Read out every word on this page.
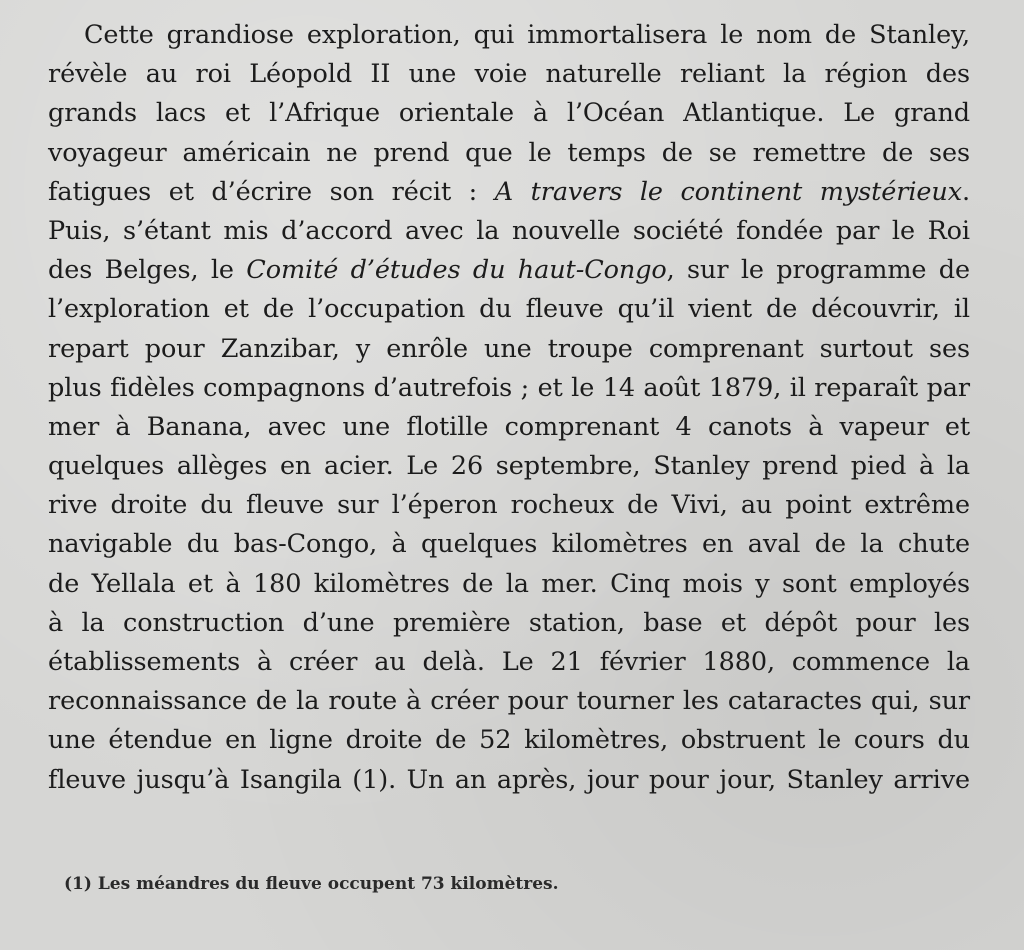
Cette grandiose exploration, qui immortalisera le nom de Stanley,
révèle au roi Léopold II une voie naturelle reliant la région des
grands lacs et l’Afrique orientale à l’Océan Atlantique. Le grand
voyageur américain ne prend que le temps de se remettre de ses
fatigues et d’écrire son récit : A travers le continent mystérieux.
Puis, s’étant mis d’accord avec la nouvelle société fondée par le Roi
des Belges, le Comité d’études du haut-Congo, sur le programme de
l’exploration et de l’occupation du fleuve qu’il vient de découvrir, il
repart pour Zanzibar, y enrôle une troupe comprenant surtout ses
plus fidèles compagnons d’autrefois ; et le 14 août 1879, il reparaît par
mer à Banana, avec une flotille comprenant 4 canots à vapeur et
quelques allèges en acier. Le 26 septembre, Stanley prend pied à la
rive droite du fleuve sur l’éperon rocheux de Vivi, au point extrême
navigable du bas-Congo, à quelques kilomètres en aval de la chute
de Yellala et à 180 kilomètres de la mer. Cinq mois y sont employés
à la construction d’une première station, base et dépôt pour les
établissements à créer au delà. Le 21 février 1880, commence la
reconnaissance de la route à créer pour tourner les cataractes qui, sur
une étendue en ligne droite de 52 kilomètres, obstruent le cours du
fleuve jusqu’à Isangila (1). Un an après, jour pour jour, Stanley arrive

(1) Les méandres du fleuve occupent 73 kilomètres.
